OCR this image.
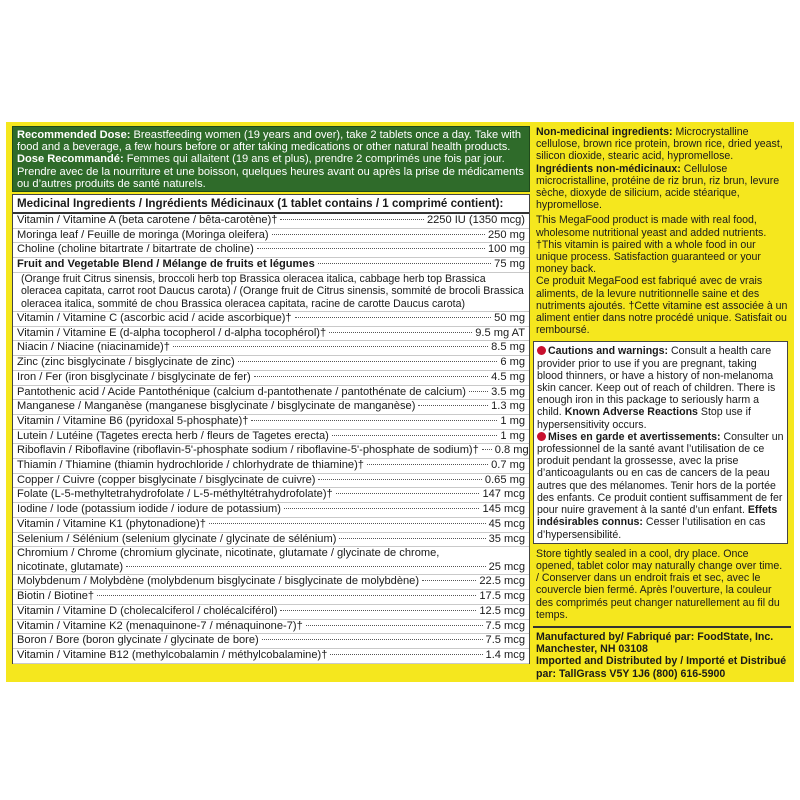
Recommended Dose: Breastfeeding women (19 years and over), take 2 tablets once a day. Take with food and a beverage, a few hours before or after taking medications or other natural health products.
Dose Recommandé: Femmes qui allaitent (19 ans et plus), prendre 2 comprimés une fois par jour. Prendre avec de la nourriture et une boisson, quelques heures avant ou après la prise de médicaments ou d’autres produits de santé naturels.
Medicinal Ingredients / Ingrédients Médicinaux (1 tablet contains / 1 comprimé contient):
Vitamin / Vitamine A (beta carotene / bêta-carotène)†	2250 IU (1350 mcg)
Moringa leaf / Feuille de moringa (Moringa oleifera)	250 mg
Choline (choline bitartrate / bitartrate de choline)	100 mg
Fruit and Vegetable Blend / Mélange de fruits et légumes	75 mg
(Orange fruit Citrus sinensis, broccoli herb top Brassica oleracea italica, cabbage herb top Brassica oleracea capitata, carrot root Daucus carota) / (Orange fruit de Citrus sinensis, sommité de brocoli Brassica oleracea italica, sommité de chou Brassica oleracea capitata, racine de carotte Daucus carota)
Vitamin / Vitamine C (ascorbic acid / acide ascorbique)†	50 mg
Vitamin / Vitamine E (d-alpha tocopherol / d-alpha tocophérol)†	9.5 mg AT
Niacin / Niacine (niacinamide)†	8.5 mg
Zinc (zinc bisglycinate / bisglycinate de zinc)	6 mg
Iron / Fer (iron bisglycinate / bisglycinate de fer)	4.5 mg
Pantothenic acid / Acide Pantothénique (calcium d-pantothenate / pantothénate de calcium) 3.5 mg
Manganese / Manganèse (manganese bisglycinate / bisglycinate de manganèse)	1.3 mg
Vitamin / Vitamine B6 (pyridoxal 5-phosphate)†	1 mg
Lutein / Lutéine (Tagetes erecta herb / fleurs de Tagetes erecta)	1 mg
Riboflavin / Riboflavine (riboflavin-5'-phosphate sodium / riboflavine-5'-phosphate de sodium)† 0.8 mg
Thiamin / Thiamine (thiamin hydrochloride / chlorhydrate de thiamine)†	0.7 mg
Copper / Cuivre (copper bisglycinate / bisglycinate de cuivre)	0.65 mg
Folate (L-5-methyltetrahydrofolate / L-5-méthyltétrahydrofolate)†	147 mcg
Iodine / Iode (potassium iodide / iodure de potassium)	145 mcg
Vitamin / Vitamine K1 (phytonadione)†	45 mcg
Selenium / Sélénium (selenium glycinate / glycinate de sélénium)	35 mcg
Chromium / Chrome (chromium glycinate, nicotinate, glutamate / glycinate de chrome,
nicotinate, glutamate)	25 mcg
Molybdenum / Molybdène (molybdenum bisglycinate / bisglycinate de molybdène)	22.5 mcg
Biotin / Biotine†	17.5 mcg
Vitamin / Vitamine D (cholecalciferol / cholécalciférol)	12.5 mcg
Vitamin / Vitamine K2 (menaquinone-7 / ménaquinone-7)†	7.5 mcg
Boron / Bore (boron glycinate / glycinate de bore)	7.5 mcg
Vitamin / Vitamine B12 (methylcobalamin / méthylcobalamine)†	1.4 mcg

Non-medicinal ingredients: Microcrystalline cellulose, brown rice protein, brown rice, dried yeast, silicon dioxide, stearic acid, hypromellose.

Ingrédients non-médicinaux: Cellulose microcristalline, protéine de riz brun, riz brun, levure sèche, dioxyde de silicium, acide stéarique, hypromellose.

This MegaFood product is made with real food, wholesome nutritional yeast and added nutrients. †This vitamin is paired with a whole food in our unique process. Satisfaction guaranteed or your money back.

Ce produit MegaFood est fabriqué avec de vrais aliments, de la levure nutritionnelle saine et des nutriments ajoutés. †Cette vitamine est associée à un aliment entier dans notre procédé unique. Satisfait ou remboursé.

Cautions and warnings: Consult a health care provider prior to use if you are pregnant, taking blood thinners, or have a history of non-melanoma skin cancer. Keep out of reach of children. There is enough iron in this package to seriously harm a child. Known Adverse Reactions Stop use if hypersensitivity occurs.

Mises en garde et avertissements: Consulter un professionnel de la santé avant l’utilisation de ce produit pendant la grossesse, avec la prise d’anticoagulants ou en cas de cancers de la peau autres que des mélanomes. Tenir hors de la portée des enfants. Ce produit contient suffisamment de fer pour nuire gravement à la santé d’un enfant. Effets indésirables connus: Cesser l’utilisation en cas d’hypersensibilité.

Store tightly sealed in a cool, dry place. Once opened, tablet color may naturally change over time. / Conserver dans un endroit frais et sec, avec le couvercle bien fermé. Après l’ouverture, la couleur des comprimés peut changer naturellement au fil du temps.

Manufactured by/ Fabriqué par: FoodState, Inc. Manchester, NH 03108

Imported and Distributed by / Importé et Distribué par: TallGrass V5Y 1J6 (800) 616-5900
